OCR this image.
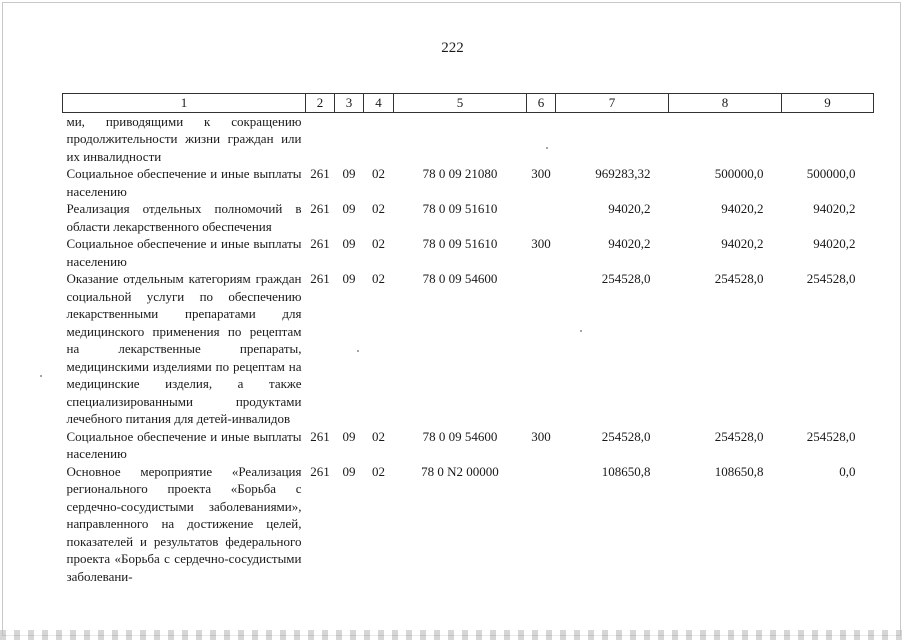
222
1	2	3	4	5	6	7	8	9
ми, приводящими к сокращению продолжительности жизни граждан или их инвалидности								
Социальное обеспечение и иные выплаты населению	261	09	02	78 0 09 21080	300	969283,32	500000,0	500000,0
Реализация отдельных полномочий в области лекарственного обеспечения	261	09	02	78 0 09 51610		94020,2	94020,2	94020,2
Социальное обеспечение и иные выплаты населению	261	09	02	78 0 09 51610	300	94020,2	94020,2	94020,2
Оказание отдельным категориям граждан социальной услуги по обеспечению лекарственными препаратами для медицинского применения по рецептам на лекарственные препараты, медицинскими изделиями по рецептам на медицинские изделия, а также специализированными продуктами лечебного питания для детей-инвалидов	261	09	02	78 0 09 54600		254528,0	254528,0	254528,0
Социальное обеспечение и иные выплаты населению	261	09	02	78 0 09 54600	300	254528,0	254528,0	254528,0
Основное мероприятие «Реализация регионального проекта «Борьба с сердечно-сосудистыми заболеваниями», направленного на достижение целей, показателей и результатов федерального проекта «Борьба с сердечно-сосудистыми заболевани-	261	09	02	78 0 N2 00000		108650,8	108650,8	0,0
